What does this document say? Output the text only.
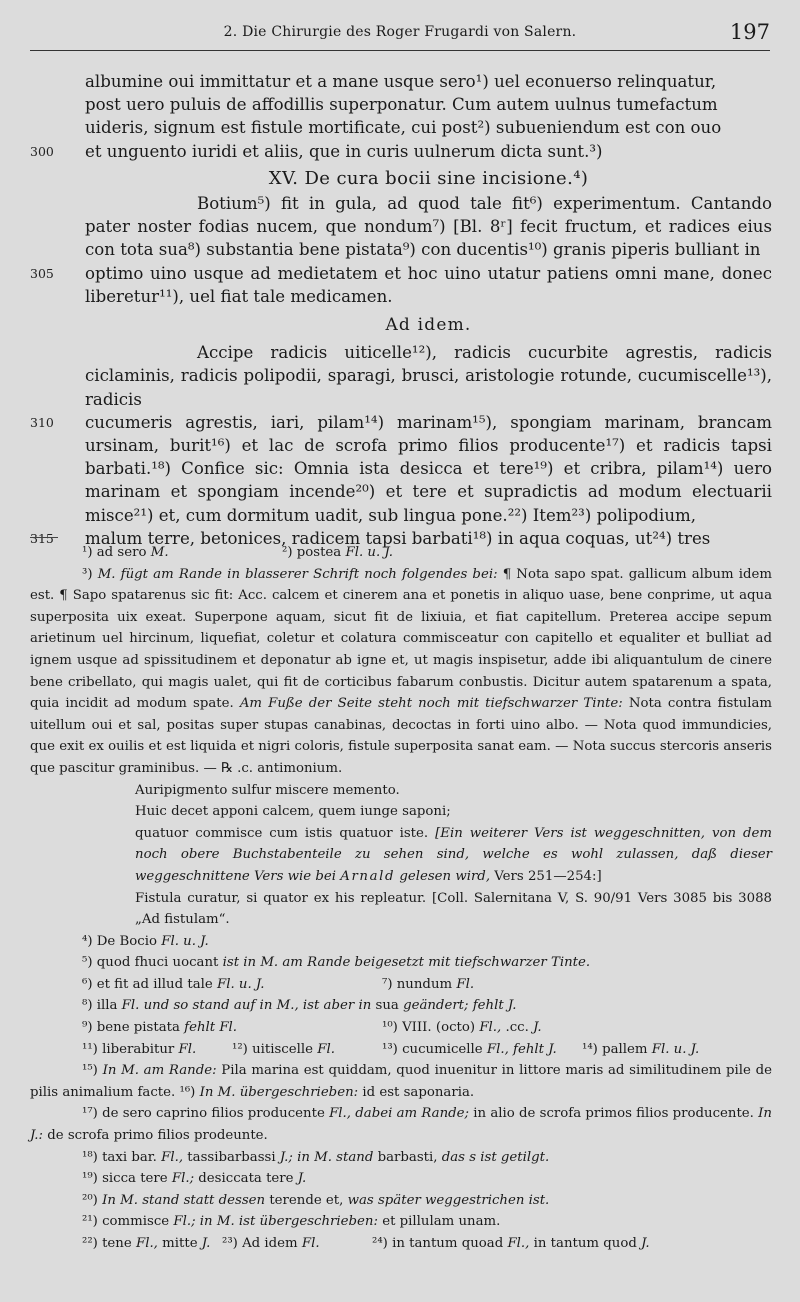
2. Die Chirurgie des Roger Frugardi von Salern.	197

albumine oui immittatur et a mane usque sero¹) uel econuerso relinquatur,

post uero puluis de affodillis superponatur. Cum autem uulnus tumefactum

uideris, signum est fistule mortificate, cui post²) subueniendum est con ouo

300 et unguento iuridi et aliis, que in curis uulnerum dicta sunt.³)

XV. De cura bocii sine incisione.⁴)

Botium⁵) fit in gula, ad quod tale fit⁶) experimentum. Cantando pater noster fodias nucem, que nondum⁷) [Bl. 8ʳ] fecit fructum, et radices eius con tota sua⁸) substantia bene pistata⁹) con ducentis¹⁰) granis piperis bulliant in

305 optimo uino usque ad medietatem et hoc uino utatur patiens omni mane, donec liberetur¹¹), uel fiat tale medicamen.

Ad idem.

Accipe radicis uiticelle¹²), radicis cucurbite agrestis, radicis ciclaminis, radicis polipodii, sparagi, brusci, aristologie rotunde, cucumiscelle¹³), radicis

310 cucumeris agrestis, iari, pilam¹⁴) marinam¹⁵), spongiam marinam, brancam ursinam, burit¹⁶) et lac de scrofa primo filios producente¹⁷) et radicis tapsi barbati.¹⁸) Confice sic: Omnia ista desicca et tere¹⁹) et cribra, pilam¹⁴) uero marinam et spongiam incende²⁰) et tere et supradictis ad modum electuarii misce²¹) et, cum dormitum uadit, sub lingua pone.²²) Item²³) polipodium,

315 malum terre, betonices, radicem tapsi barbati¹⁸) in aqua coquas, ut²⁴) tres

¹) ad sero M.	²) postea Fl. u. J.

³) M. fügt am Rande in blasserer Schrift noch folgendes bei: ¶ Nota sapo spat. gallicum album idem est. ¶ Sapo spatarenus sic fit: Acc. calcem et cinerem ana et ponetis in aliquo uase, bene conprime, ut aqua superposita uix exeat. Superpone aquam, sicut fit de lixiuia, et fiat capitellum. Preterea accipe sepum arietinum uel hircinum, liquefiat, coletur et colatura commisceatur con capitello et equaliter et bulliat ad ignem usque ad spissitudinem et deponatur ab igne et, ut magis inspisetur, adde ibi aliquantulum de cinere bene cribellato, qui magis ualet, qui fit de corticibus fabarum conbustis. Dicitur autem spatarenum a spata, quia incidit ad modum spate. Am Fuße der Seite steht noch mit tiefschwarzer Tinte: Nota contra fistulam uitellum oui et sal, positas super stupas canabinas, decoctas in forti uino albo. — Nota quod immundicies, que exit ex ouilis et est liquida et nigri coloris, fistule superposita sanat eam. — Nota succus stercoris anseris que pascitur graminibus. — ℞ .c. antimonium.

Auripigmento sulfur miscere memento.

Huic decet apponi calcem, quem iunge saponi;

quatuor commisce cum istis quatuor iste. [Ein weiterer Vers ist weggeschnitten, von dem noch obere Buchstabenteile zu sehen sind, welche es wohl zulassen, daß dieser weggeschnittene Vers wie bei Arnald gelesen wird, Vers 251—254:]

Fistula curatur, si quator ex his repleatur. [Coll. Salernitana V, S. 90/91 Vers 3085 bis 3088 „Ad fistulam“.

⁴) De Bocio Fl. u. J.

⁵) quod fhuci uocant ist in M. am Rande beigesetzt mit tiefschwarzer Tinte.

⁶) et fit ad illud tale Fl. u. J.	⁷) nundum Fl.

⁸) illa Fl. und so stand auf in M., ist aber in sua geändert; fehlt J.

⁹) bene pistata fehlt Fl.	¹⁰) VIII. (octo) Fl., .cc. J.
¹¹) liberabitur Fl.	¹²) uitiscelle Fl.	¹³) cucumicelle Fl., fehlt J.	¹⁴) pallem Fl. u. J.

¹⁵) In M. am Rande: Pila marina est quiddam, quod inuenitur in littore maris ad similitudinem pile de pilis animalium facte. ¹⁶) In M. übergeschrieben: id est saponaria.

¹⁷) de sero caprino filios producente Fl., dabei am Rande; in alio de scrofa primos filios producente. In J.: de scrofa primo filios prodeunte.

¹⁸) taxi bar. Fl., tassibarbassi J.; in M. stand barbasti, das s ist getilgt.

¹⁹) sicca tere Fl.; desiccata tere J.

²⁰) In M. stand statt dessen terende et, was später weggestrichen ist.

²¹) commisce Fl.; in M. ist übergeschrieben: et pillulam unam.

²²) tene Fl., mitte J. ²³) Ad idem Fl.	²⁴) in tantum quoad Fl., in tantum quod J.
